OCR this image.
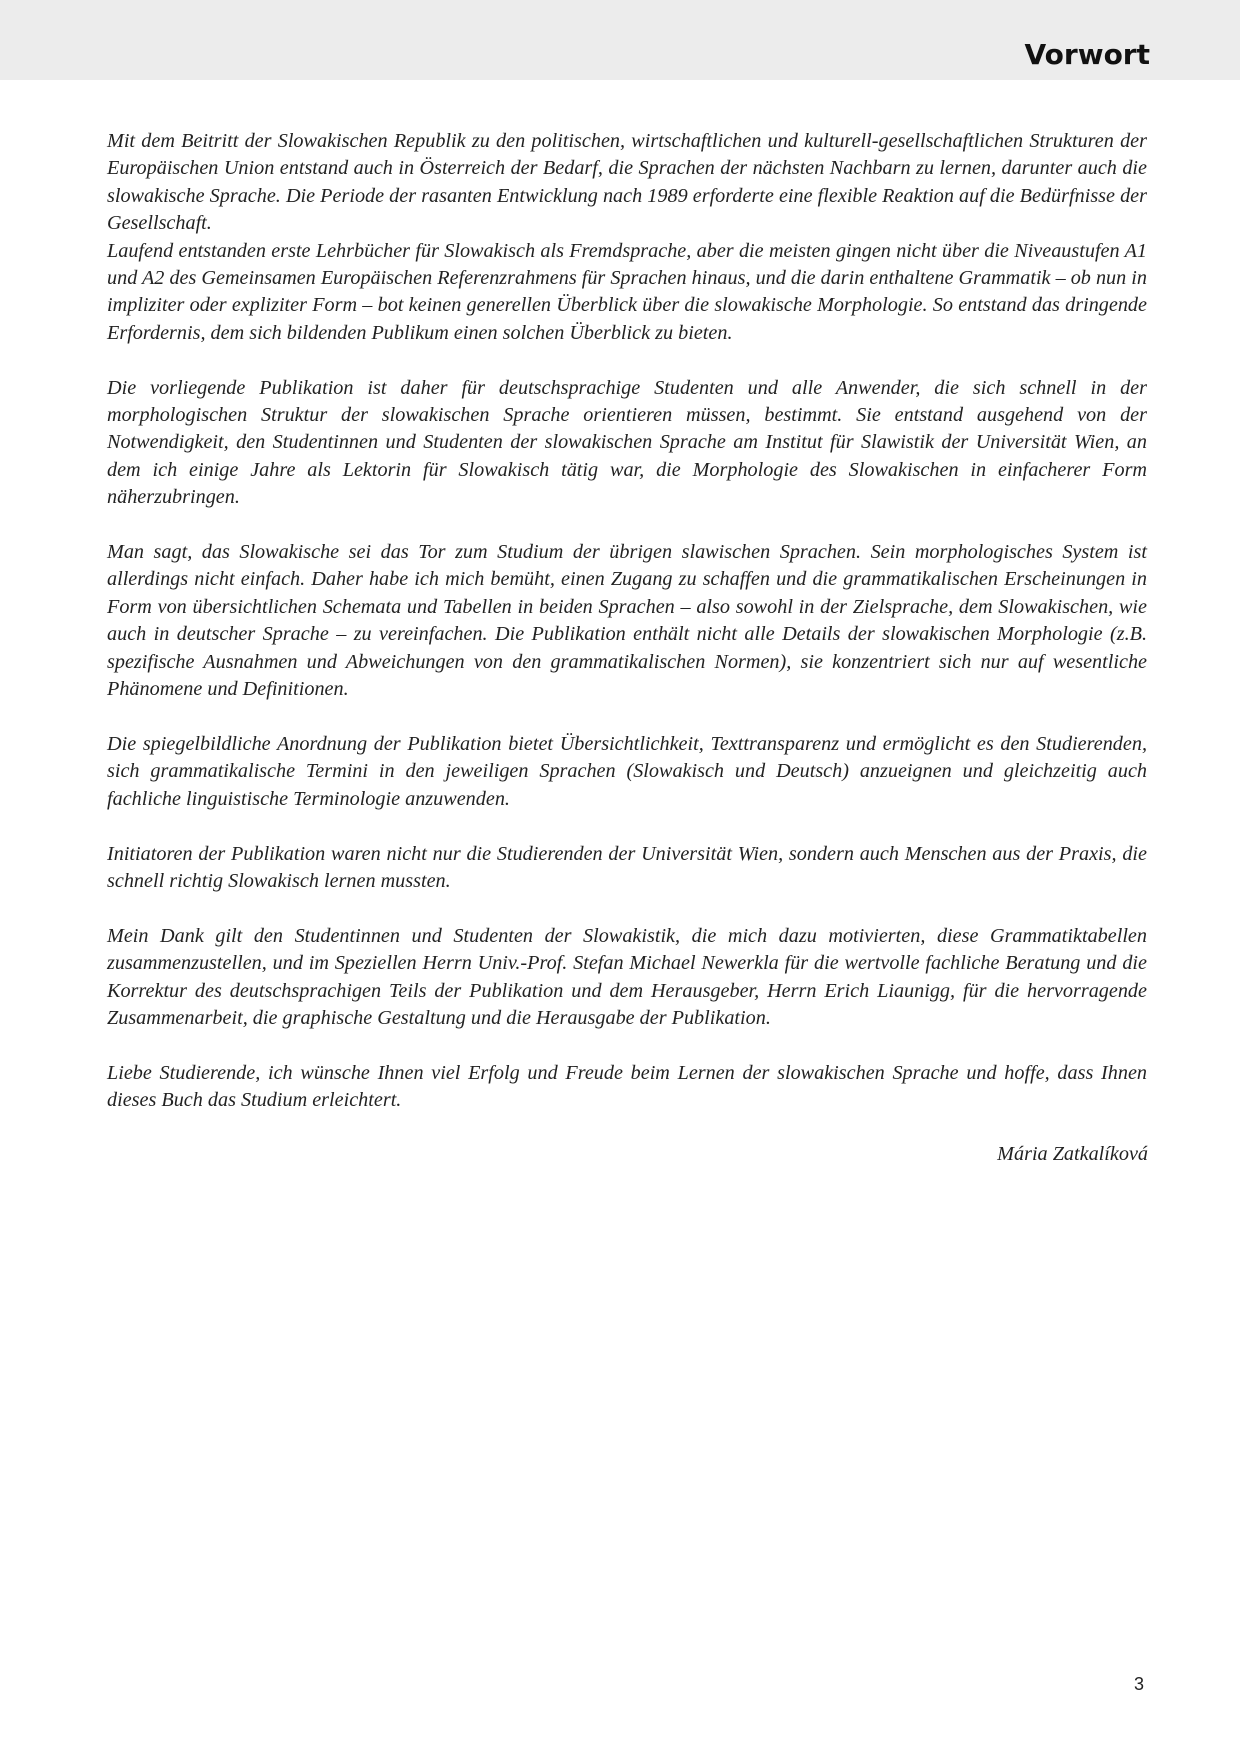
Vorwort

Mit dem Beitritt der Slowakischen Republik zu den politischen, wirtschaftlichen und kulturell-gesellschaftlichen Strukturen der Europäischen Union entstand auch in Österreich der Bedarf, die Sprachen der nächsten Nachbarn zu lernen, darunter auch die slowakische Sprache. Die Periode der rasanten Entwicklung nach 1989 erforderte eine flexible Reaktion auf die Bedürfnisse der Gesellschaft.

Laufend entstanden erste Lehrbücher für Slowakisch als Fremdsprache, aber die meisten gingen nicht über die Niveaustufen A1 und A2 des Gemeinsamen Europäischen Referenzrahmens für Sprachen hinaus, und die darin enthaltene Grammatik – ob nun in impliziter oder expliziter Form – bot keinen generellen Überblick über die slowakische Morphologie. So entstand das dringende Erfordernis, dem sich bildenden Publikum einen solchen Überblick zu bieten.

Die vorliegende Publikation ist daher für deutschsprachige Studenten und alle Anwender, die sich schnell in der morphologischen Struktur der slowakischen Sprache orientieren müssen, bestimmt. Sie entstand ausgehend von der Notwendigkeit, den Studentinnen und Studenten der slowakischen Sprache am Institut für Slawistik der Universität Wien, an dem ich einige Jahre als Lektorin für Slowakisch tätig war, die Morphologie des Slowakischen in einfacherer Form näherzubringen.

Man sagt, das Slowakische sei das Tor zum Studium der übrigen slawischen Sprachen. Sein morphologisches System ist allerdings nicht einfach. Daher habe ich mich bemüht, einen Zugang zu schaffen und die grammatikalischen Erscheinungen in Form von übersichtlichen Schemata und Tabellen in beiden Sprachen – also sowohl in der Zielsprache, dem Slowakischen, wie auch in deutscher Sprache – zu vereinfachen. Die Publikation enthält nicht alle Details der slowakischen Morphologie (z.B. spezifische Ausnahmen und Abweichungen von den grammatikalischen Normen), sie konzentriert sich nur auf wesentliche Phänomene und Definitionen.

Die spiegelbildliche Anordnung der Publikation bietet Übersichtlichkeit, Texttransparenz und ermöglicht es den Studierenden, sich grammatikalische Termini in den jeweiligen Sprachen (Slowakisch und Deutsch) anzueignen und gleichzeitig auch fachliche linguistische Terminologie anzuwenden.

Initiatoren der Publikation waren nicht nur die Studierenden der Universität Wien, sondern auch Menschen aus der Praxis, die schnell richtig Slowakisch lernen mussten.

Mein Dank gilt den Studentinnen und Studenten der Slowakistik, die mich dazu motivierten, diese Grammatiktabellen zusammenzustellen, und im Speziellen Herrn Univ.-Prof. Stefan Michael Newerkla für die wertvolle fachliche Beratung und die Korrektur des deutschsprachigen Teils der Publikation und dem Herausgeber, Herrn Erich Liaunigg, für die hervorragende Zusammenarbeit, die graphische Gestaltung und die Herausgabe der Publikation.

Liebe Studierende, ich wünsche Ihnen viel Erfolg und Freude beim Lernen der slowakischen Sprache und hoffe, dass Ihnen dieses Buch das Studium erleichtert.

Mária Zatkalíková

3
